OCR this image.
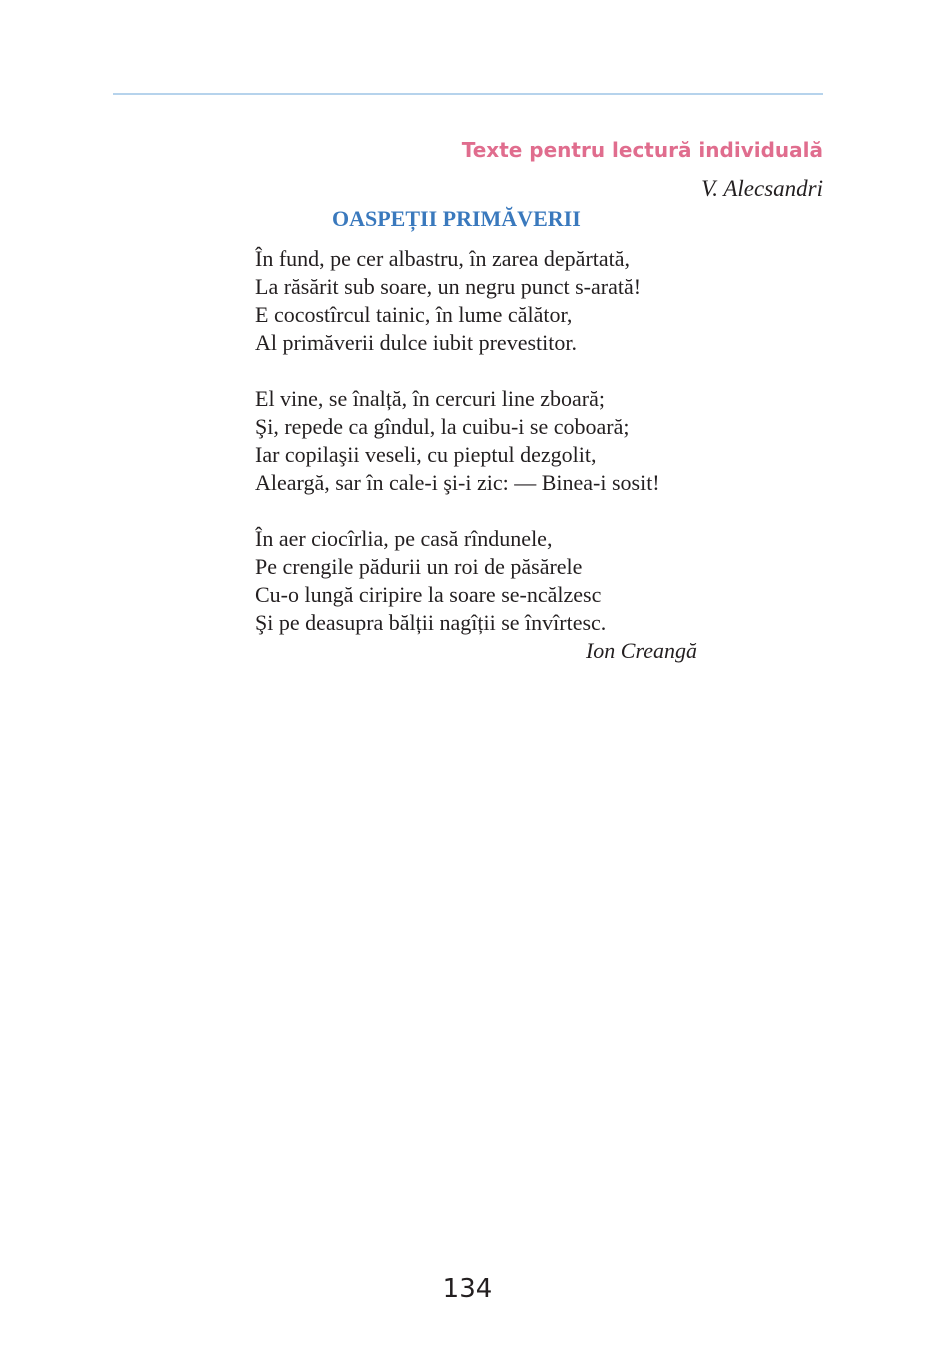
Texte pentru lectură individuală
V. Alecsandri
OASPEȚII PRIMĂVERII
În fund, pe cer albastru, în zarea depărtată,
La răsărit sub soare, un negru punct s-arată!
E cocostîrcul tainic, în lume călător,
Al primăverii dulce iubit prevestitor.
El vine, se înalță, în cercuri line zboară;
Şi, repede ca gîndul, la cuibu-i se coboară;
Iar copilaşii veseli, cu pieptul dezgolit,
Aleargă, sar în cale-i şi-i zic: — Binea-i sosit!
În aer ciocîrlia, pe casă rîndunele,
Pe crengile pădurii un roi de păsărele
Cu-o lungă ciripire la soare se-ncălzesc
Şi pe deasupra bălții nagîții se învîrtesc.
Ion Creangă
134
